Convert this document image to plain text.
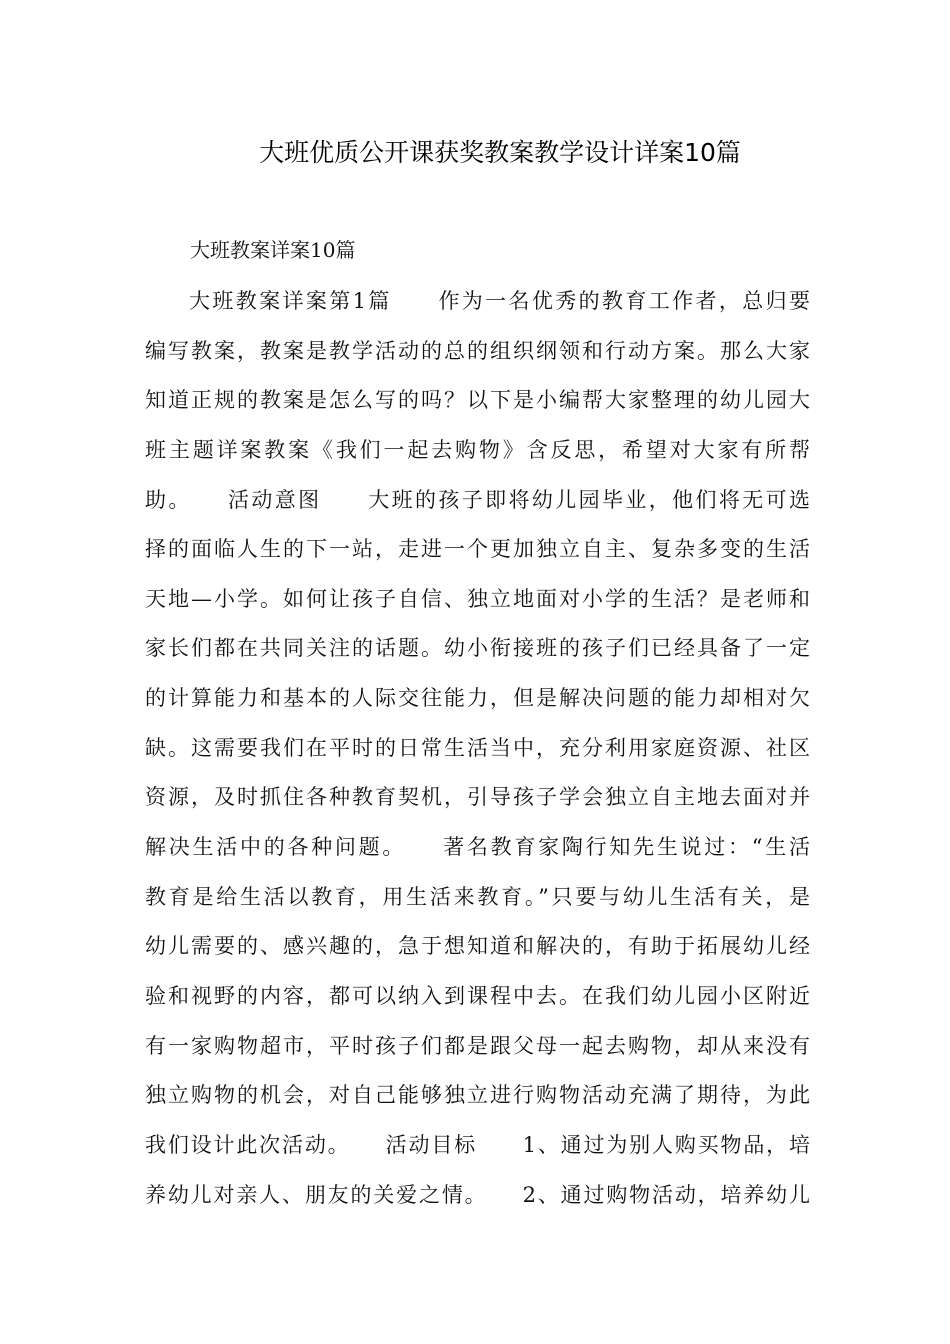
大班优质公开课获奖教案教学设计详案10篇

大班教案详案10篇

大班教案详案第1篇　　作为一名优秀的教育工作者，总归要
编写教案，教案是教学活动的总的组织纲领和行动方案。那么大家
知道正规的教案是怎么写的吗？以下是小编帮大家整理的幼儿园大
班主题详案教案《我们一起去购物》含反思，希望对大家有所帮
助。　　活动意图　　大班的孩子即将幼儿园毕业，他们将无可选
择的面临人生的下一站，走进一个更加独立自主、复杂多变的生活
天地—小学。如何让孩子自信、独立地面对小学的生活？是老师和
家长们都在共同关注的话题。幼小衔接班的孩子们已经具备了一定
的计算能力和基本的人际交往能力，但是解决问题的能力却相对欠
缺。这需要我们在平时的日常生活当中，充分利用家庭资源、社区
资源，及时抓住各种教育契机，引导孩子学会独立自主地去面对并
解决生活中的各种问题。　　著名教育家陶行知先生说过：“生活
教育是给生活以教育，用生活来教育。”只要与幼儿生活有关，是
幼儿需要的、感兴趣的，急于想知道和解决的，有助于拓展幼儿经
验和视野的内容，都可以纳入到课程中去。在我们幼儿园小区附近
有一家购物超市，平时孩子们都是跟父母一起去购物，却从来没有
独立购物的机会，对自己能够独立进行购物活动充满了期待，为此
我们设计此次活动。　　活动目标　　1、通过为别人购买物品，培
养幼儿对亲人、朋友的关爱之情。　　2、通过购物活动，培养幼儿
